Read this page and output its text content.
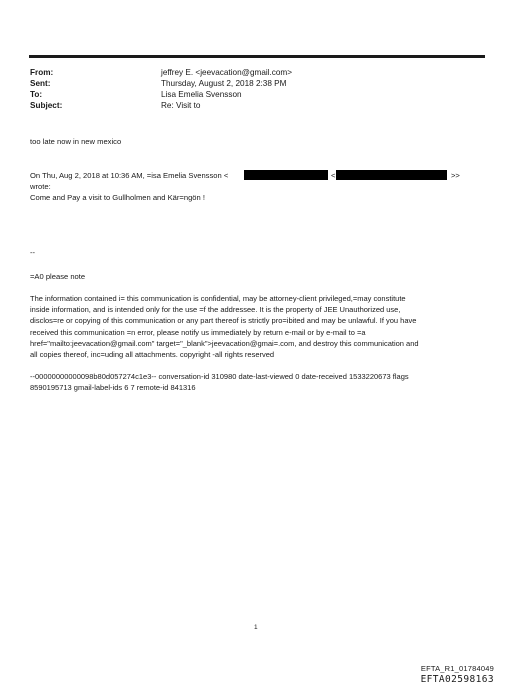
From:	jeffrey E. <jeevacation@gmail.com>
Sent:	Thursday, August 2, 2018 2:38 PM
To:	Lisa Emelia Svensson
Subject:	Re: Visit to
too late now in new mexico
On Thu, Aug 2, 2018 at 10:36 AM, =isa Emelia Svensson <	<	>>
wrote:
Come and Pay a visit to Gullholmen and Kär=ngön !
--
=A0 please note
The information contained i= this communication is confidential, may be attorney-client privileged,=may constitute
inside information, and is intended only for the use =f the addressee. It is the property of JEE Unauthorized use,
disclos=re or copying of this communication or any part thereof is strictly pro=ibited and may be unlawful. If you have
received this communication =n error, please notify us immediately by return e-mail or by e-mail to =a
href="mailto:jeevacation@gmail.com" target="_blank">jeevacation@gmai=.com, and destroy this communication and
all copies thereof, inc=uding all attachments. copyright -all rights reserved
--00000000000098b80d057274c1e3-- conversation-id 310980 date-last-viewed 0 date-received 1533220673 flags
8590195713 gmail-label-ids 6 7 remote-id 841316
1
EFTA_R1_01784049
EFTA02598163
